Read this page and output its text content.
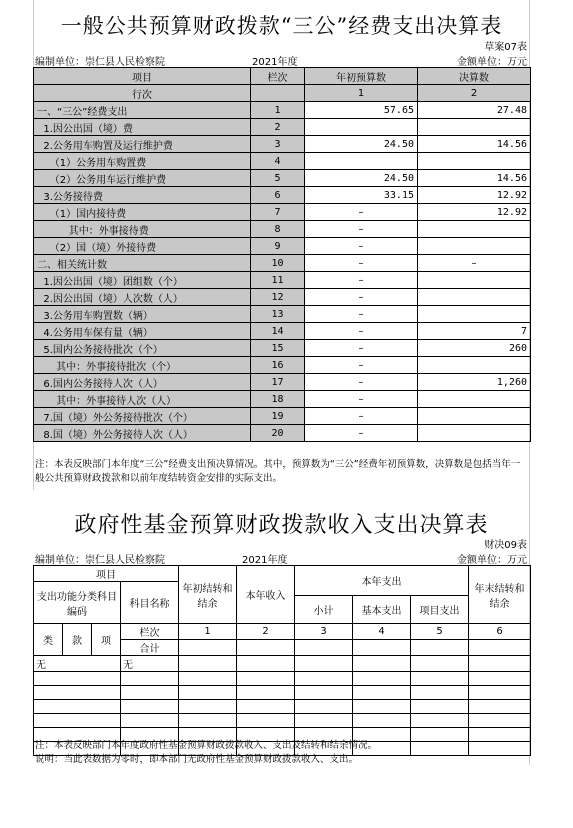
一般公共预算财政拨款“三公”经费支出决算表
草案07表
编制单位：崇仁县人民检察院	2021年度	金额单位：万元
项目	栏次	年初预算数	决算数
行次		1	2
一、“三公”经费支出	1	57.65	27.48
1.因公出国（境）费	2		
2.公务用车购置及运行维护费	3	24.50	14.56
（1）公务用车购置费	4		
（2）公务用车运行维护费	5	24.50	14.56
3.公务接待费	6	33.15	12.92
（1）国内接待费	7	–	12.92
其中：外事接待费	8	–	
（2）国（境）外接待费	9	–	
二、相关统计数	10	–	–
1.因公出国（境）团组数（个）	11	–	
2.因公出国（境）人次数（人）	12	–	
3.公务用车购置数（辆）	13	–	
4.公务用车保有量（辆）	14	–	7
5.国内公务接待批次（个）	15	–	260
其中：外事接待批次（个）	16	–	
6.国内公务接待人次（人）	17	–	1,260
其中：外事接待人次（人）	18	–	
7.国（境）外公务接待批次（个）	19	–	
8.国（境）外公务接待人次（人）	20	–	
注：本表反映部门本年度“三公”经费支出预决算情况。其中，预算数为“三公”经费年初预算数，决算数是包括当年一般公共预算财政拨款和以前年度结转资金安排的实际支出。
政府性基金预算财政拨款收入支出决算表
财决09表
编制单位：崇仁县人民检察院	2021年度	金额单位：万元
项目				年初结转和结余	本年收入	本年支出			年末结转和结余
支出功能分类科目编码			科目名称						
						小计	基本支出	项目支出	
类	款	项	栏次	1	2	3	4	5	6
			合计						
无			无						

注：本表反映部门本年度政府性基金预算财政拨款收入、支出及结转和结余情况。
说明：当此表数据为零时，即本部门无政府性基金预算财政拨款收入、支出。
